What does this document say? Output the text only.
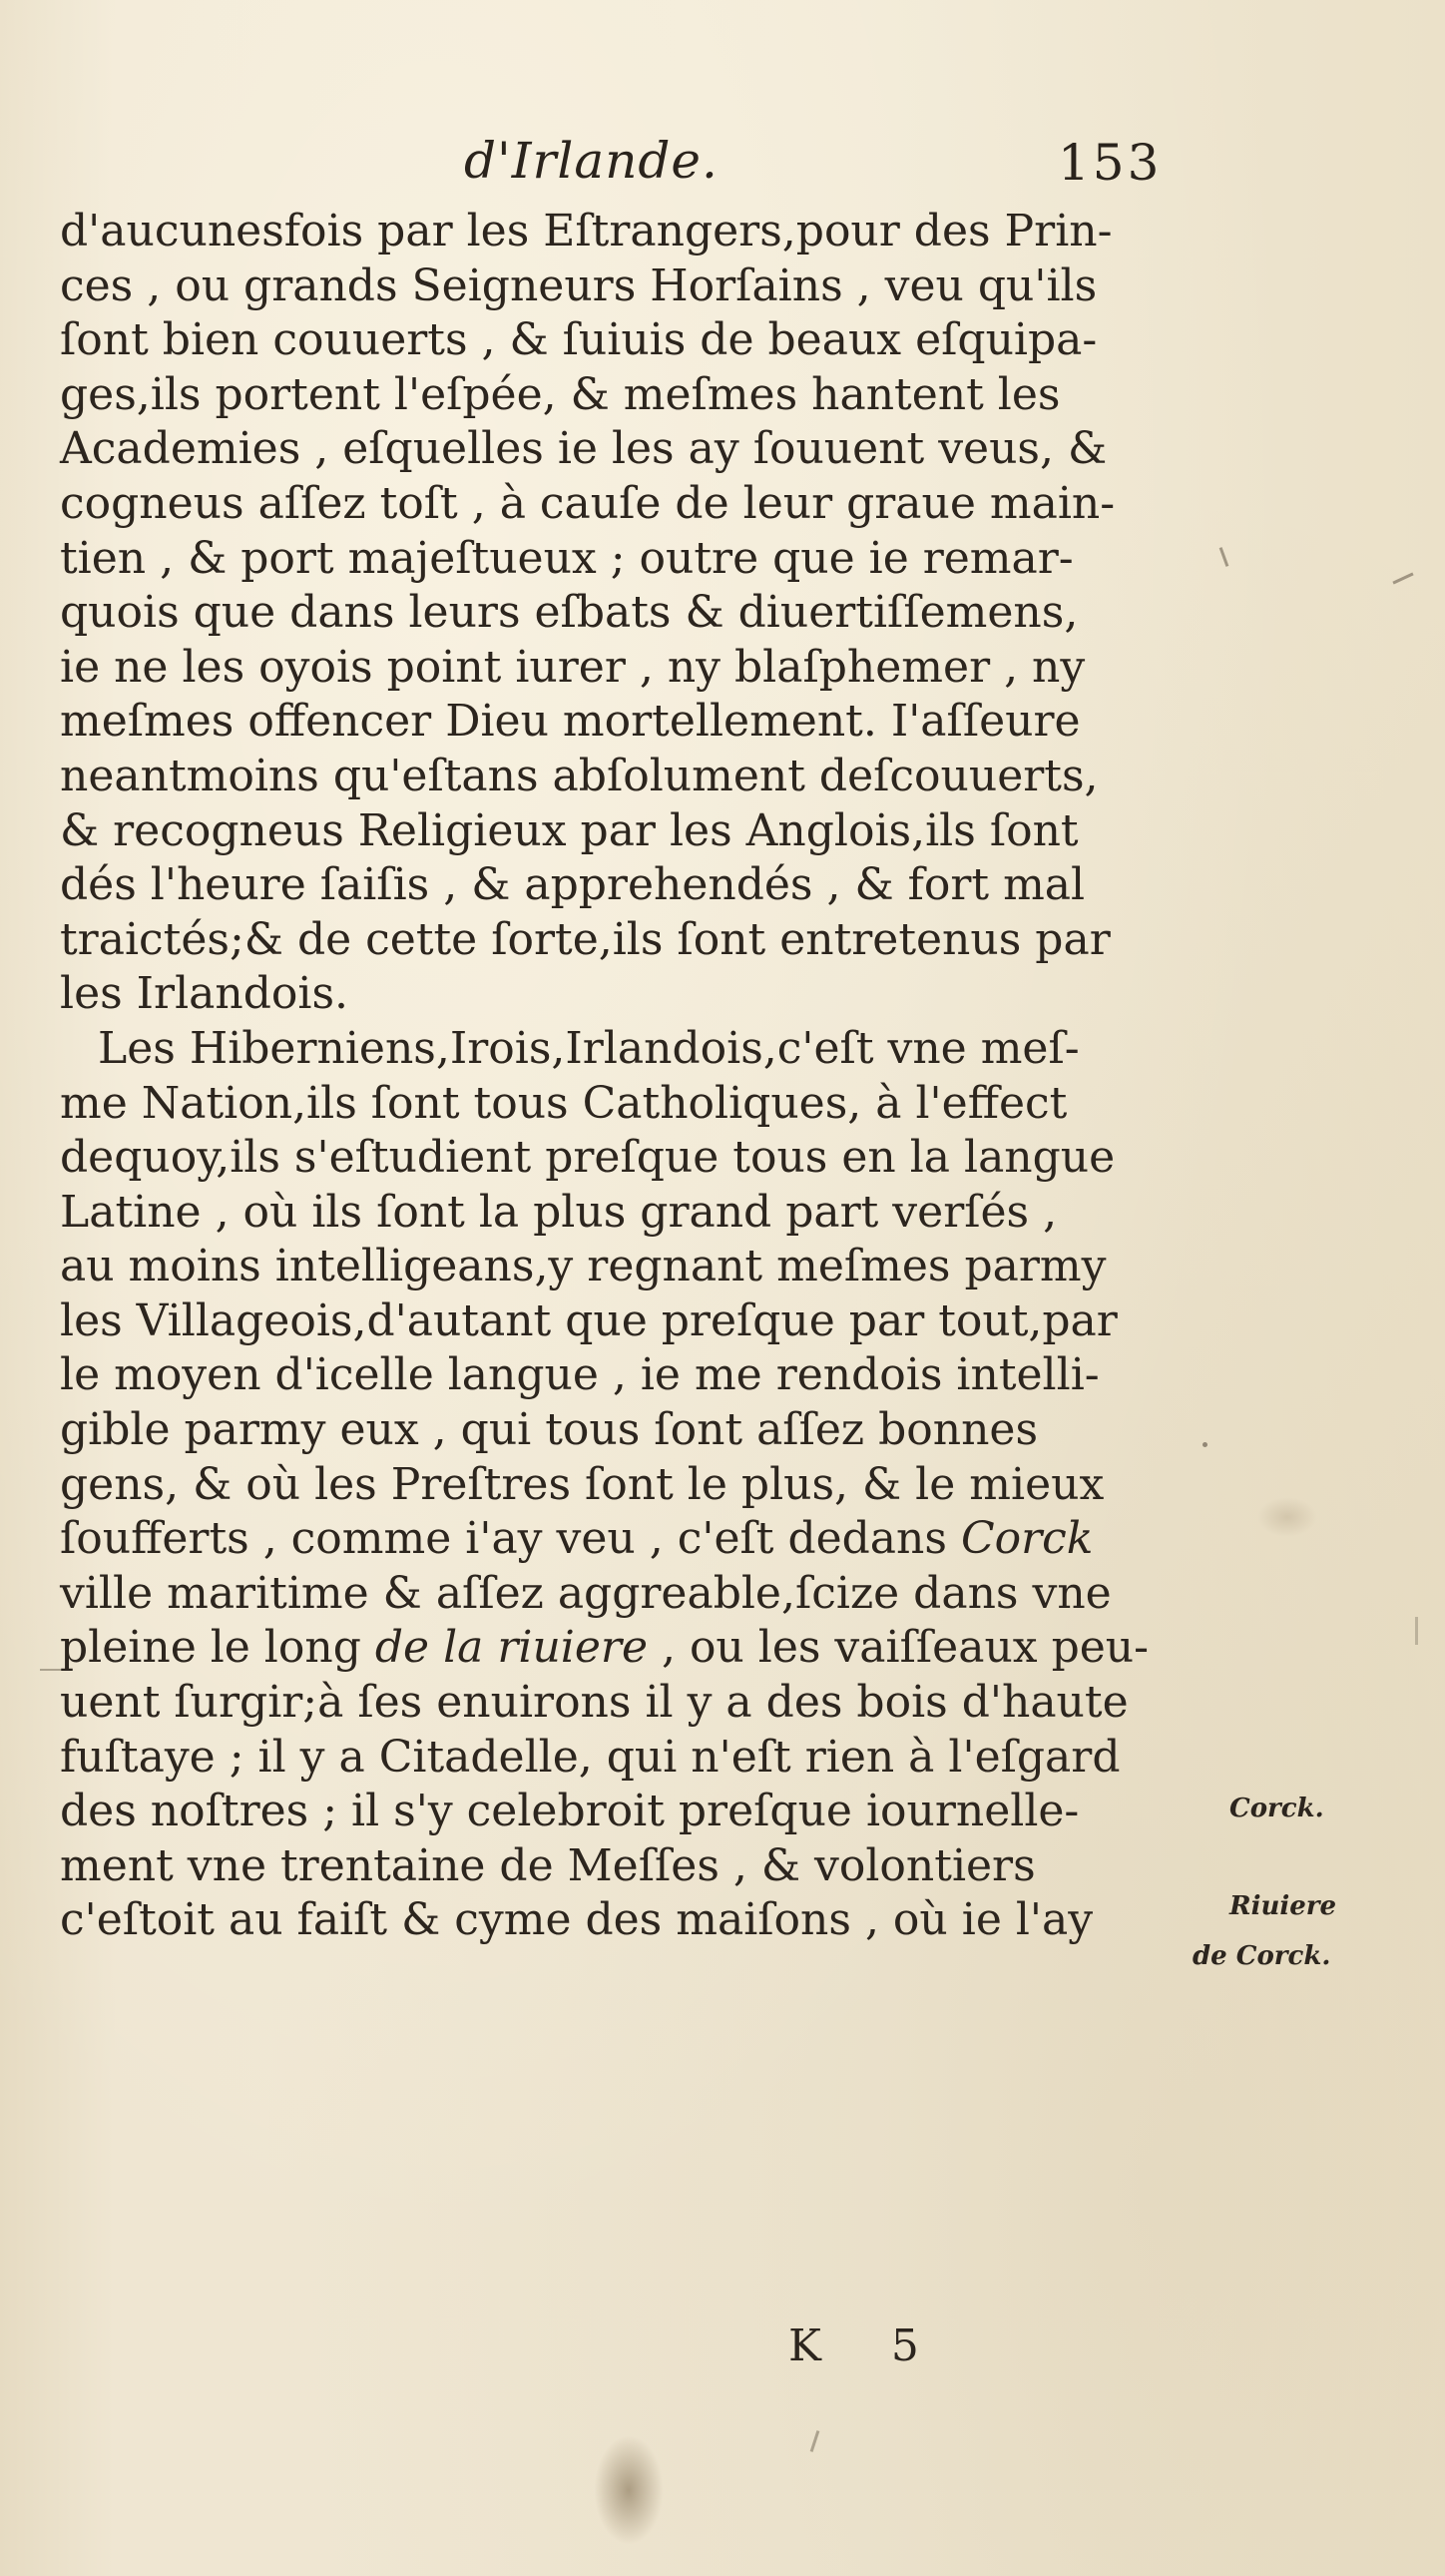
d'Irlande.	153
d'aucunesfois par les Eſtrangers,pour des Prin-
ces , ou grands Seigneurs Horſains , veu qu'ils
ſont bien couuerts , & ſuiuis de beaux eſquipa-
ges,ils portent l'eſpée, & meſmes hantent les
Academies , eſquelles ie les ay ſouuent veus, &
cogneus aſſez toſt , à cauſe de leur graue main-
tien , & port majeſtueux ; outre que ie remar-
quois que dans leurs eſbats & diuertiſſemens,
ie ne les oyois point iurer , ny blaſphemer , ny
meſmes offencer Dieu mortellement. I'aſſeure
neantmoins qu'eſtans abſolument deſcouuerts,
& recogneus Religieux par les Anglois,ils ſont
dés l'heure ſaiſis , & apprehendés , & fort mal
traictés;& de cette ſorte,ils ſont entretenus par
les Irlandois.
Les Hiberniens,Irois,Irlandois,c'eſt vne meſ-
me Nation,ils ſont tous Catholiques, à l'effect
dequoy,ils s'eſtudient preſque tous en la langue
Latine , où ils ſont la plus grand part verſés ,
au moins intelligeans,y regnant meſmes parmy
les Villageois,d'autant que preſque par tout,par
le moyen d'icelle langue , ie me rendois intelli-
gible parmy eux , qui tous ſont aſſez bonnes
gens, & où les Preſtres ſont le plus, & le mieux
ſoufferts , comme i'ay veu , c'eſt dedans Corck
ville maritime & aſſez aggreable,ſcize dans vne
pleine le long de la riuiere , ou les vaiſſeaux peu-
uent ſurgir;à ſes enuirons il y a des bois d'haute
fuſtaye ; il y a Citadelle, qui n'eſt rien à l'eſgard
des noſtres ; il s'y celebroit preſque iournelle-
ment vne trentaine de Meſſes , & volontiers
c'eſtoit au faiſt & cyme des maiſons , où ie l'ay
Corck.
Riuiere
de Corck.
K 5
